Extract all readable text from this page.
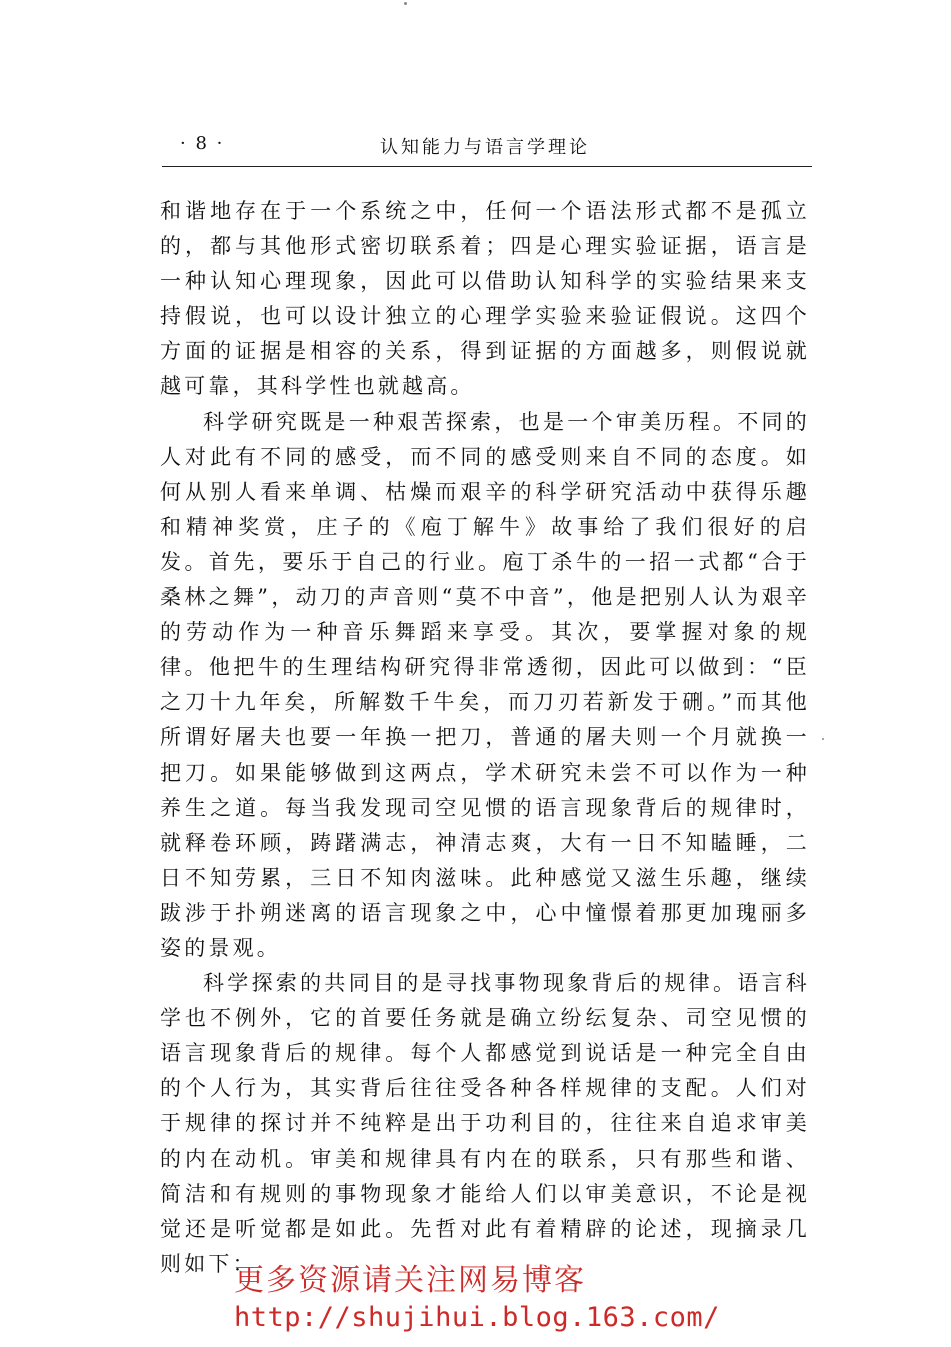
· 8 ·	认知能力与语言学理论

和谐地存在于一个系统之中，任何一个语法形式都不是孤立的，都与其他形式密切联系着；四是心理实验证据，语言是一种认知心理现象，因此可以借助认知科学的实验结果来支持假说，也可以设计独立的心理学实验来验证假说。这四个方面的证据是相容的关系，得到证据的方面越多，则假说就越可靠，其科学性也就越高。

科学研究既是一种艰苦探索，也是一个审美历程。不同的人对此有不同的感受，而不同的感受则来自不同的态度。如何从别人看来单调、枯燥而艰辛的科学研究活动中获得乐趣和精神奖赏，庄子的《庖丁解牛》故事给了我们很好的启发。首先，要乐于自己的行业。庖丁杀牛的一招一式都“合于桑林之舞”，动刀的声音则“莫不中音”，他是把别人认为艰辛的劳动作为一种音乐舞蹈来享受。其次，要掌握对象的规律。他把牛的生理结构研究得非常透彻，因此可以做到：“臣之刀十九年矣，所解数千牛矣，而刀刃若新发于硎。”而其他所谓好屠夫也要一年换一把刀，普通的屠夫则一个月就换一把刀。如果能够做到这两点，学术研究未尝不可以作为一种养生之道。每当我发现司空见惯的语言现象背后的规律时，就释卷环顾，踌躇满志，神清志爽，大有一日不知瞌睡，二日不知劳累，三日不知肉滋味。此种感觉又滋生乐趣，继续跋涉于扑朔迷离的语言现象之中，心中憧憬着那更加瑰丽多姿的景观。

科学探索的共同目的是寻找事物现象背后的规律。语言科学也不例外，它的首要任务就是确立纷纭复杂、司空见惯的语言现象背后的规律。每个人都感觉到说话是一种完全自由的个人行为，其实背后往往受各种各样规律的支配。人们对于规律的探讨并不纯粹是出于功利目的，往往来自追求审美的内在动机。审美和规律具有内在的联系，只有那些和谐、简洁和有规则的事物现象才能给人们以审美意识，不论是视觉还是听觉都是如此。先哲对此有着精辟的论述，现摘录几则如下：

更多资源请关注网易博客
http://shujihui.blog.163.com/
